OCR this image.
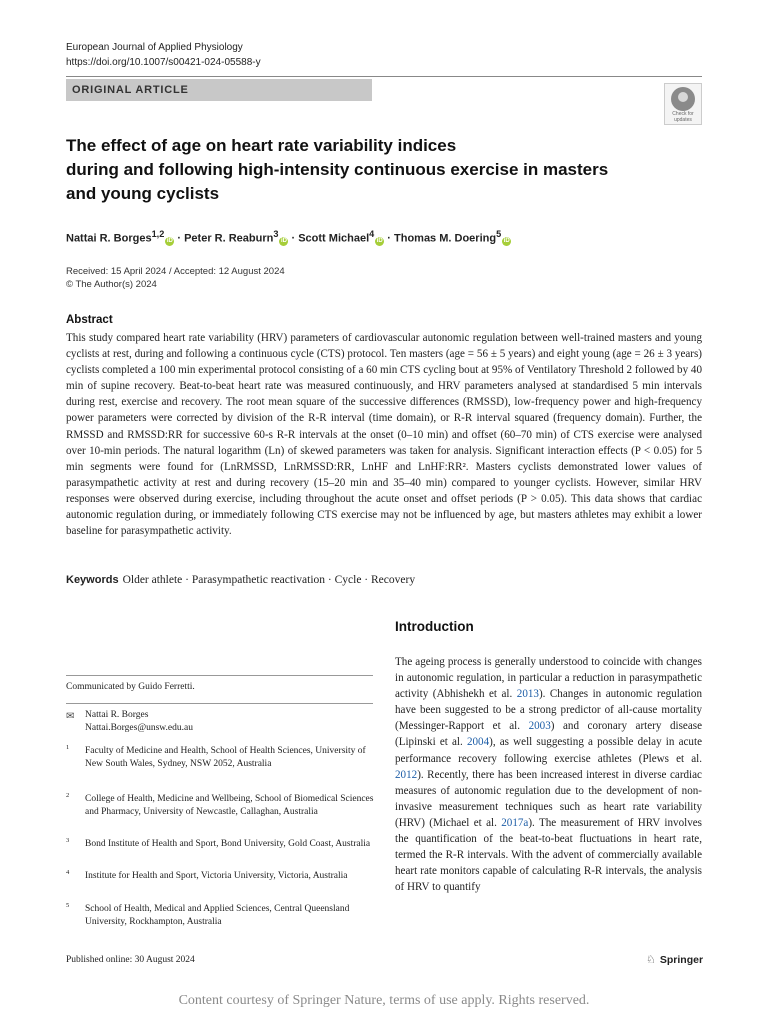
European Journal of Applied Physiology
https://doi.org/10.1007/s00421-024-05588-y
ORIGINAL ARTICLE
Check for
updates
The effect of age on heart rate variability indices
during and following high-intensity continuous exercise in masters
and young cyclists
Nattai R. Borges$^{1,2}$iD · Peter R. Reaburn$^3$iD · Scott Michael$^4$iD · Thomas M. Doering$^5$iD
Received: 15 April 2024 / Accepted: 12 August 2024
© The Author(s) 2024
Abstract
This study compared heart rate variability (HRV) parameters of cardiovascular autonomic regulation between well-trained masters and young cyclists at rest, during and following a continuous cycle (CTS) protocol. Ten masters (age = 56 ± 5 years) and eight young (age = 26 ± 3 years) cyclists completed a 100 min experimental protocol consisting of a 60 min CTS cycling bout at 95% of Ventilatory Threshold 2 followed by 40 min of supine recovery. Beat-to-beat heart rate was measured continuously, and HRV parameters analysed at standardised 5 min intervals during rest, exercise and recovery. The root mean square of the successive differences (RMSSD), low-frequency power and high-frequency power parameters were corrected by division of the R-R interval (time domain), or R-R interval squared (frequency domain). Further, the RMSSD and RMSSD:RR for successive 60-s R-R intervals at the onset (0–10 min) and offset (60–70 min) of CTS exercise were analysed over 10-min periods. The natural logarithm (Ln) of skewed parameters was taken for analysis. Significant interaction effects (P < 0.05) for 5 min segments were found for (LnRMSSD, LnRMSSD:RR, LnHF and LnHF:RR². Masters cyclists demonstrated lower values of parasympathetic activity at rest and during recovery (15–20 min and 35–40 min) compared to younger cyclists. However, similar HRV responses were observed during exercise, including throughout the acute onset and offset periods (P > 0.05). This data shows that cardiac autonomic regulation during, or immediately following CTS exercise may not be influenced by age, but masters athletes may exhibit a lower baseline for parasympathetic activity.
Keywords Older athlete · Parasympathetic reactivation · Cycle · Recovery
Introduction
The ageing process is generally understood to coincide with changes in autonomic regulation, in particular a reduction in parasympathetic activity (Abhishekh et al. 2013). Changes in autonomic regulation have been suggested to be a strong predictor of all-cause mortality (Messinger-Rapport et al. 2003) and coronary artery disease (Lipinski et al. 2004), as well suggesting a possible delay in acute performance recovery following exercise athletes (Plews et al. 2012). Recently, there has been increased interest in diverse cardiac measures of autonomic regulation due to the development of non-invasive measurement techniques such as heart rate variability (HRV) (Michael et al. 2017a). The measurement of HRV involves the quantification of the beat-to-beat fluctuations in heart rate, termed the R-R intervals. With the advent of commercially available heart rate monitors capable of calculating R-R intervals, the analysis of HRV to quantify
Communicated by Guido Ferretti.
✉ Nattai R. Borges
Nattai.Borges@unsw.edu.au
1 Faculty of Medicine and Health, School of Health Sciences, University of New South Wales, Sydney, NSW 2052, Australia
2 College of Health, Medicine and Wellbeing, School of Biomedical Sciences and Pharmacy, University of Newcastle, Callaghan, Australia
3 Bond Institute of Health and Sport, Bond University, Gold Coast, Australia
4 Institute for Health and Sport, Victoria University, Victoria, Australia
5 School of Health, Medical and Applied Sciences, Central Queensland University, Rockhampton, Australia
Published online: 30 August 2024	♘ Springer
Content courtesy of Springer Nature, terms of use apply. Rights reserved.
